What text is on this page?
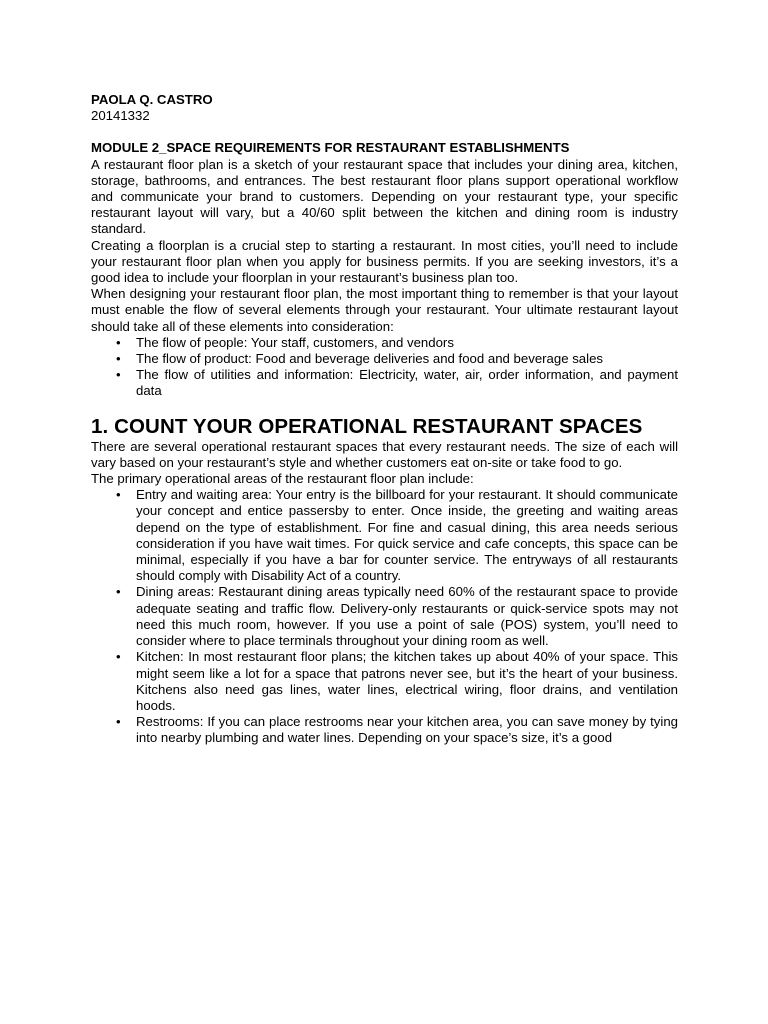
PAOLA Q. CASTRO
20141332
MODULE 2_SPACE REQUIREMENTS FOR RESTAURANT ESTABLISHMENTS

A restaurant floor plan is a sketch of your restaurant space that includes your dining area, kitchen, storage, bathrooms, and entrances. The best restaurant floor plans support operational workflow and communicate your brand to customers. Depending on your restaurant type, your specific restaurant layout will vary, but a 40/60 split between the kitchen and dining room is industry standard.

Creating a floorplan is a crucial step to starting a restaurant. In most cities, you’ll need to include your restaurant floor plan when you apply for business permits. If you are seeking investors, it’s a good idea to include your floorplan in your restaurant’s business plan too.

When designing your restaurant floor plan, the most important thing to remember is that your layout must enable the flow of several elements through your restaurant. Your ultimate restaurant layout should take all of these elements into consideration:

• The flow of people: Your staff, customers, and vendors
• The flow of product: Food and beverage deliveries and food and beverage sales
• The flow of utilities and information: Electricity, water, air, order information, and payment data
1. COUNT YOUR OPERATIONAL RESTAURANT SPACES

There are several operational restaurant spaces that every restaurant needs. The size of each will vary based on your restaurant’s style and whether customers eat on-site or take food to go.

The primary operational areas of the restaurant floor plan include:

• Entry and waiting area: Your entry is the billboard for your restaurant. It should communicate your concept and entice passersby to enter. Once inside, the greeting and waiting areas depend on the type of establishment. For fine and casual dining, this area needs serious consideration if you have wait times. For quick service and cafe concepts, this space can be minimal, especially if you have a bar for counter service. The entryways of all restaurants should comply with Disability Act of a country.
• Dining areas: Restaurant dining areas typically need 60% of the restaurant space to provide adequate seating and traffic flow. Delivery-only restaurants or quick-service spots may not need this much room, however. If you use a point of sale (POS) system, you’ll need to consider where to place terminals throughout your dining room as well.
• Kitchen: In most restaurant floor plans; the kitchen takes up about 40% of your space. This might seem like a lot for a space that patrons never see, but it’s the heart of your business. Kitchens also need gas lines, water lines, electrical wiring, floor drains, and ventilation hoods.
• Restrooms: If you can place restrooms near your kitchen area, you can save money by tying into nearby plumbing and water lines. Depending on your space’s size, it’s a good
